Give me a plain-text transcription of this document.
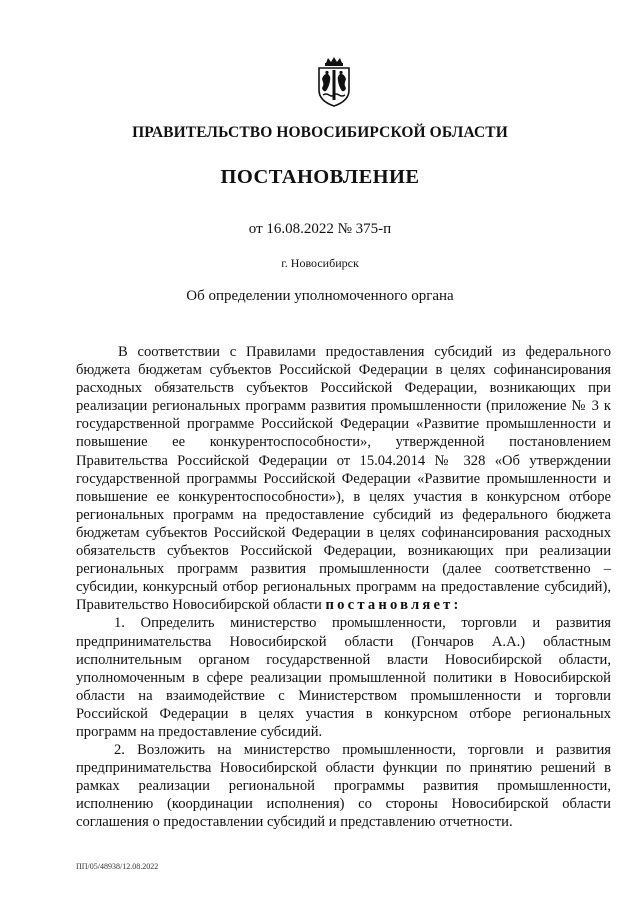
ПРАВИТЕЛЬСТВО НОВОСИБИРСКОЙ ОБЛАСТИ
ПОСТАНОВЛЕНИЕ
от 16.08.2022 № 375-п
г. Новосибирск
Об определении уполномоченного органа

В соответствии с Правилами предоставления субсидий из федерального бюджета бюджетам субъектов Российской Федерации в целях софинансирования расходных обязательств субъектов Российской Федерации, возникающих при реализации региональных программ развития промышленности (приложение № 3 к государственной программе Российской Федерации «Развитие промышленности и повышение ее конкурентоспособности», утвержденной постановлением Правительства Российской Федерации от 15.04.2014 № 328 «Об утверждении государственной программы Российской Федерации «Развитие промышленности и повышение ее конкурентоспособности»), в целях участия в конкурсном отборе региональных программ на предоставление субсидий из федерального бюджета бюджетам субъектов Российской Федерации в целях софинансирования расходных обязательств субъектов Российской Федерации, возникающих при реализации региональных программ развития промышленности (далее соответственно – субсидии, конкурсный отбор региональных программ на предоставление субсидий), Правительство Новосибирской области постановляет:

1. Определить министерство промышленности, торговли и развития предпринимательства Новосибирской области (Гончаров А.А.) областным исполнительным органом государственной власти Новосибирской области, уполномоченным в сфере реализации промышленной политики в Новосибирской области на взаимодействие с Министерством промышленности и торговли Российской Федерации в целях участия в конкурсном отборе региональных программ на предоставление субсидий.

2. Возложить на министерство промышленности, торговли и развития предпринимательства Новосибирской области функции по принятию решений в рамках реализации региональной программы развития промышленности, исполнению (координации исполнения) со стороны Новосибирской области соглашения о предоставлении субсидий и представлению отчетности.

ПП/05/48938/12.08.2022
